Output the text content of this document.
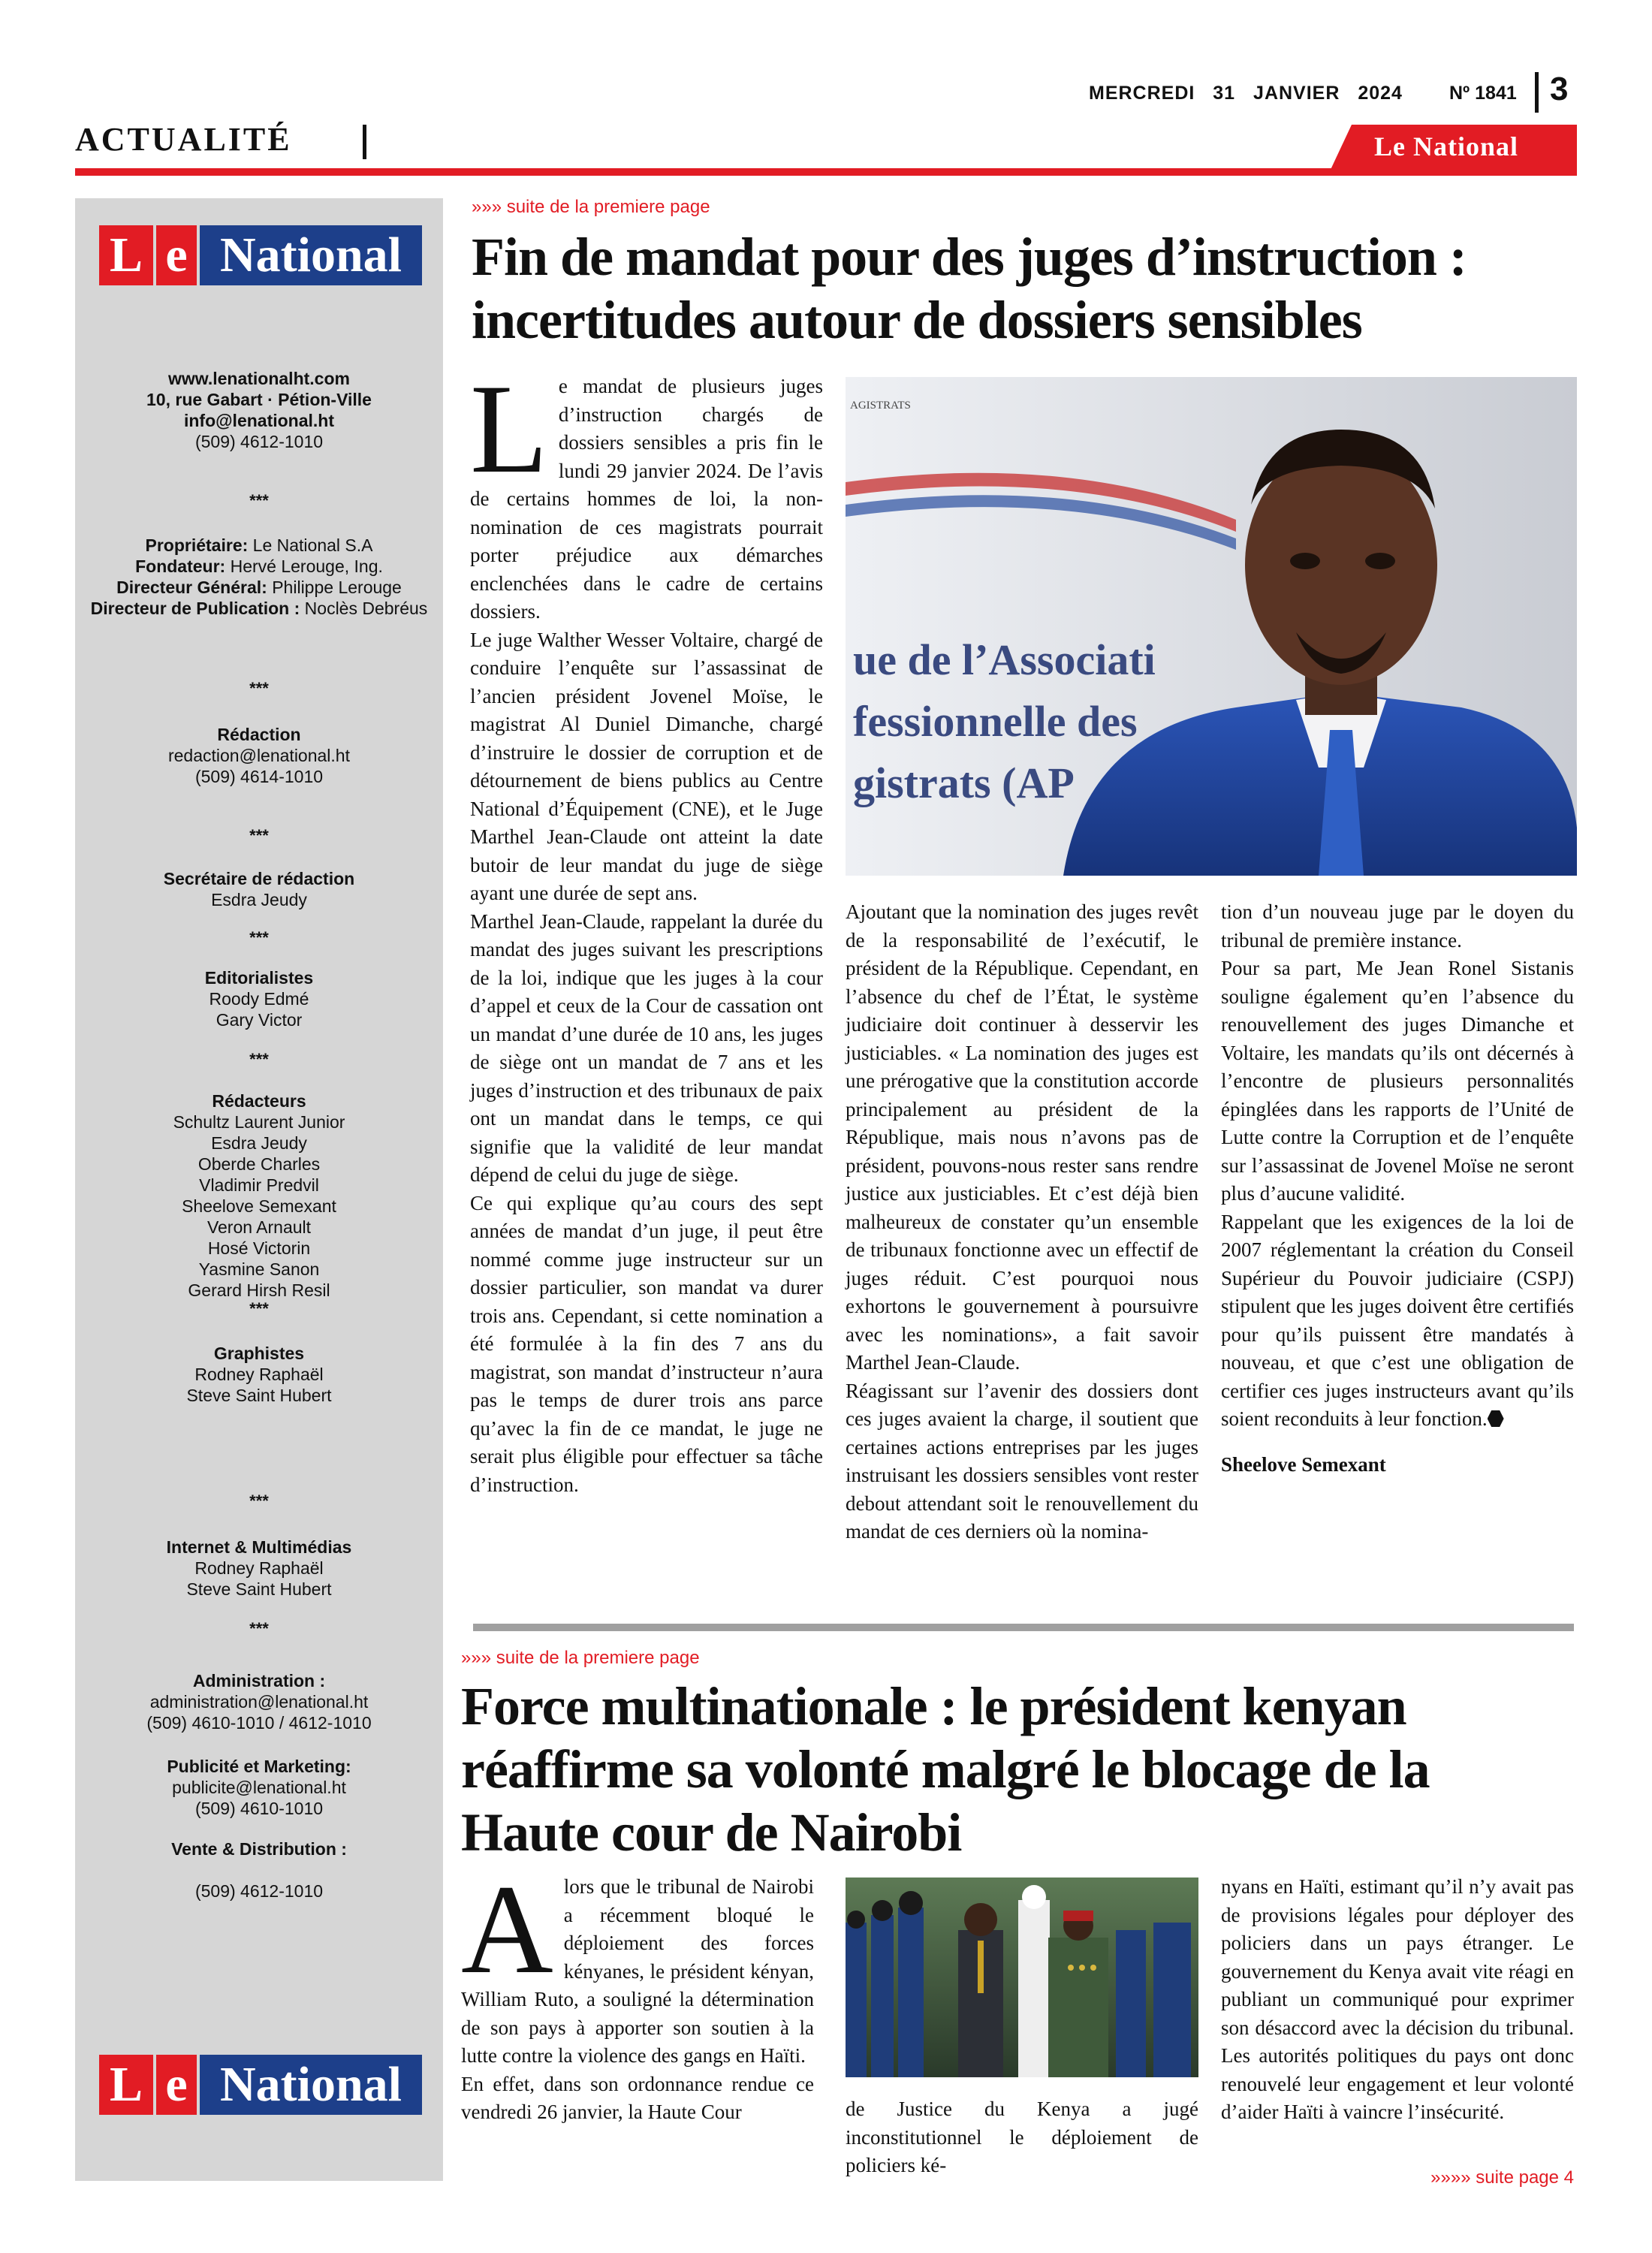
MERCREDI 31 JANVIER 2024 Nº 1841 3
ACTUALITÉ	Le National
L e National
www.lenationalht.com
10, rue Gabart · Pétion-Ville
info@lenational.ht
(509) 4612-1010
***
Propriétaire: Le National S.A
Fondateur: Hervé Lerouge, Ing.
Directeur Général: Philippe Lerouge
Directeur de Publication : Noclès Debréus
***
Rédaction
redaction@lenational.ht
(509) 4614-1010
***
Secrétaire de rédaction
Esdra Jeudy
***
Editorialistes
Roody Edmé
Gary Victor
***
Rédacteurs
Schultz Laurent Junior
Esdra Jeudy
Oberde Charles
Vladimir Predvil
Sheelove Semexant
Veron Arnault
Hosé Victorin
Yasmine Sanon
Gerard Hirsh Resil
***
Graphistes
Rodney Raphaël
Steve Saint Hubert
***
Internet & Multimédias
Rodney Raphaël
Steve Saint Hubert
***
Administration :
administration@lenational.ht
(509) 4610-1010 / 4612-1010
Publicité et Marketing:
publicite@lenational.ht
(509) 4610-1010
Vente & Distribution :

(509) 4612-1010
L e National
»»» suite de la premiere page
Fin de mandat pour des juges d’instruction :
incertitudes autour de dossiers sensibles
L e mandat de plusieurs juges d’instruction chargés de dossiers sensibles a pris fin le lundi 29 janvier 2024. De l’avis de certains hommes de loi, la non-nomination de ces magistrats pourrait porter préjudice aux démarches enclenchées dans le cadre de certains dossiers.

Le juge Walther Wesser Voltaire, chargé de conduire l’enquête sur l’assassinat de l’ancien président Jovenel Moïse, le magistrat Al Duniel Dimanche, chargé d’instruire le dossier de corruption et de détournement de biens publics au Centre National d’Équipement (CNE), et le Juge Marthel Jean-Claude ont atteint la date butoir de leur mandat du juge de siège ayant une durée de sept ans.

Marthel Jean-Claude, rappelant la durée du mandat des juges suivant les prescriptions de la loi, indique que les juges à la cour d’appel et ceux de la Cour de cassation ont un mandat d’une durée de 10 ans, les juges de siège ont un mandat de 7 ans et les juges d’instruction et des tribunaux de paix ont un mandat dans le temps, ce qui signifie que la validité de leur mandat dépend de celui du juge de siège.

Ce qui explique qu’au cours des sept années de mandat d’un juge, il peut être nommé comme juge instructeur sur un dossier particulier, son mandat va durer trois ans. Cependant, si cette nomination a été formulée à la fin des 7 ans du magistrat, son mandat d’instructeur n’aura pas le temps de durer trois ans parce qu’avec la fin de ce mandat, le juge ne serait plus éligible pour effectuer sa tâche d’instruction.

AGISTRATS
ue de l’Associati
fessionnelle des
gistrats (AP

Ajoutant que la nomination des juges revêt de la responsabilité de l’exécutif, le président de la République. Cependant, en l’absence du chef de l’État, le système judiciaire doit continuer à desservir les justiciables. « La nomination des juges est une prérogative que la constitution accorde principalement au président de la République, mais nous n’avons pas de président, pouvons-nous rester sans rendre justice aux justiciables. Et c’est déjà bien malheureux de constater qu’un ensemble de tribunaux fonctionne avec un effectif de juges réduit. C’est pourquoi nous exhortons le gouvernement à poursuivre avec les nominations», a fait savoir Marthel Jean-Claude.

Réagissant sur l’avenir des dossiers dont ces juges avaient la charge, il soutient que certaines actions entreprises par les juges instruisant les dossiers sensibles vont rester debout attendant soit le renouvellement du mandat de ces derniers où la nomina-

tion d’un nouveau juge par le doyen du tribunal de première instance.

Pour sa part, Me Jean Ronel Sistanis souligne également qu’en l’absence du renouvellement des juges Dimanche et Voltaire, les mandats qu’ils ont décernés à l’encontre de plusieurs personnalités épinglées dans les rapports de l’Unité de Lutte contre la Corruption et de l’enquête sur l’assassinat de Jovenel Moïse ne seront plus d’aucune validité.

Rappelant que les exigences de la loi de 2007 réglementant la création du Conseil Supérieur du Pouvoir judiciaire (CSPJ) stipulent que les juges doivent être certifiés pour qu’ils puissent être mandatés à nouveau, et que c’est une obligation de certifier ces juges instructeurs avant qu’ils soient reconduits à leur fonction.

Sheelove Semexant

»»» suite de la premiere page
Force multinationale : le président kenyan
réaffirme sa volonté malgré le blocage de la
Haute cour de Nairobi
A lors que le tribunal de Nairobi a récemment bloqué le déploiement des forces kényanes, le président kényan, William Ruto, a souligné la détermination de son pays à apporter son soutien à la lutte contre la violence des gangs en Haïti.

En effet, dans son ordonnance rendue ce vendredi 26 janvier, la Haute Cour	de Justice du Kenya a jugé inconstitutionnel le déploiement de policiers ké-

nyans en Haïti, estimant qu’il n’y avait pas de provisions légales pour déployer des policiers dans un pays étranger. Le gouvernement du Kenya avait vite réagi en publiant un communiqué pour exprimer son désaccord avec la décision du tribunal. Les autorités politiques du pays ont donc renouvelé leur engagement et leur volonté d’aider Haïti à vaincre l’insécurité.

»»»» suite page 4
